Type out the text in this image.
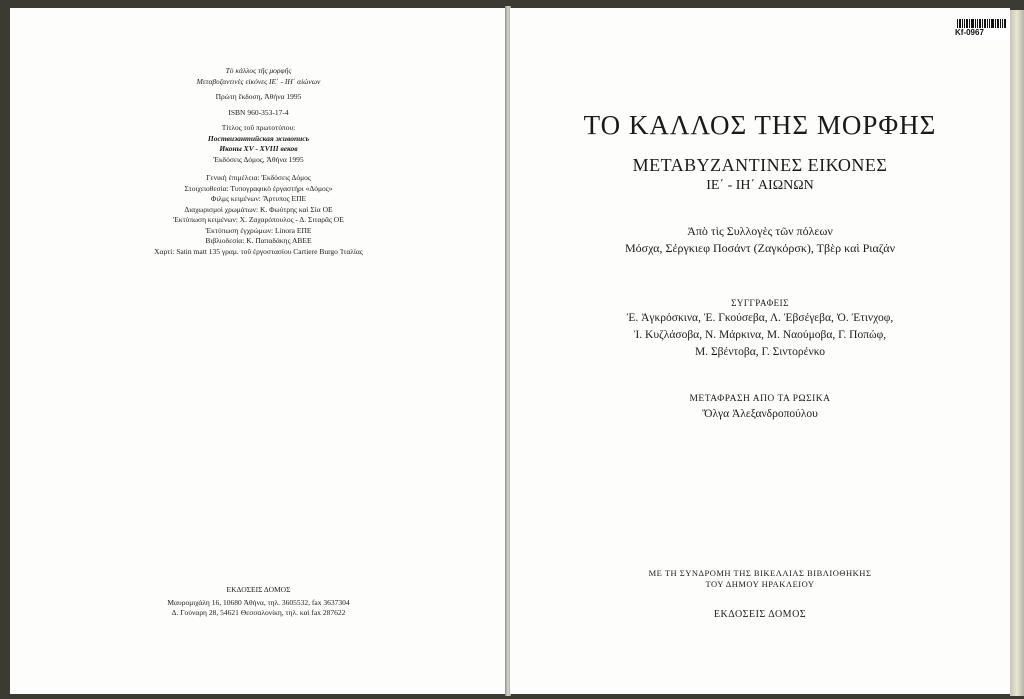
Τὸ κάλλος τῆς μορφῆς
Μεταβυζαντινὲς εἰκόνες ΙΕ΄ - ΙΗ΄ αἰώνων
Πρώτη ἔκδοση, Ἀθήνα 1995
ISBN 960-353-17-4
Τίτλος τοῦ πρωτοτύπου:
Поствизантийская живопись
Иконы XV - XVIII веков
Ἐκδόσεις Δόμος, Ἀθήνα 1995
Γενικὴ ἐπιμέλεια: Ἐκδόσεις Δόμος
Στοιχειοθεσία: Τυπογραφικὸ ἐργαστήρι «Δόμος»
Φιλμς κειμένων: Ἄρτυπος ΕΠΕ
Διαχωρισμοὶ χρωμάτων: Κ. Φωύτρης καὶ Σία ΟΕ
Ἐκτύπωση κειμένων: Χ. Ζαχαρόπουλος - Δ. Σιταρᾶς ΟΕ
Ἐκτύπωση ἐγχρώμων: Linora ΕΠΕ
Βιβλιοδεσία: Κ. Παπαδάκης ΑΒΕΕ
Χαρτί: Satin matt 135 γραμ. τοῦ ἐργοστασίου Cartiere Burgo Ἰταλίας
ΕΚΔΟΣΕΙΣ ΔΟΜΟΣ
Μαυρομιχάλη 16, 10680 Ἀθήνα, τηλ. 3605532, fax 3637304
Δ. Γούναρη 28, 54621 Θεσσαλονίκη, τηλ. καὶ fax 287622
ΤΟ ΚΑΛΛΟΣ ΤΗΣ ΜΟΡΦΗΣ
ΜΕΤΑΒΥΖΑΝΤΙΝΕΣ ΕΙΚΟΝΕΣ
ΙΕ΄ - ΙΗ΄ ΑΙΩΝΩΝ
Ἀπὸ τὶς Συλλογὲς τῶν πόλεων
Μόσχα, Σέργκιεφ Ποσάντ (Ζαγκόρσκ), Τβὲρ καὶ Ριαζάν
ΣΥΓΓΡΑΦΕΙΣ
Ἐ. Ἀγκρόσκινα, Ἐ. Γκούσεβα, Λ. Ἐβσέγεβα, Ὀ. Ἐτινχοφ,
Ἰ. Κυζλάσοβα, Ν. Μάρκινα, Μ. Ναούμοβα, Γ. Ποπώφ,
Μ. Σβέντοβα, Γ. Σιντορένκο
ΜΕΤΑΦΡΑΣΗ ΑΠΟ ΤΑ ΡΩΣΙΚΑ
Ὄλγα Ἀλεξανδροπούλου
ΜΕ ΤΗ ΣΥΝΔΡΟΜΗ ΤΗΣ ΒΙΚΕΛΑΙΑΣ ΒΙΒΛΙΟΘΗΚΗΣ
ΤΟΥ ΔΗΜΟΥ ΗΡΑΚΛΕΙΟΥ
ΕΚΔΟΣΕΙΣ ΔΟΜΟΣ
Kf-0967
